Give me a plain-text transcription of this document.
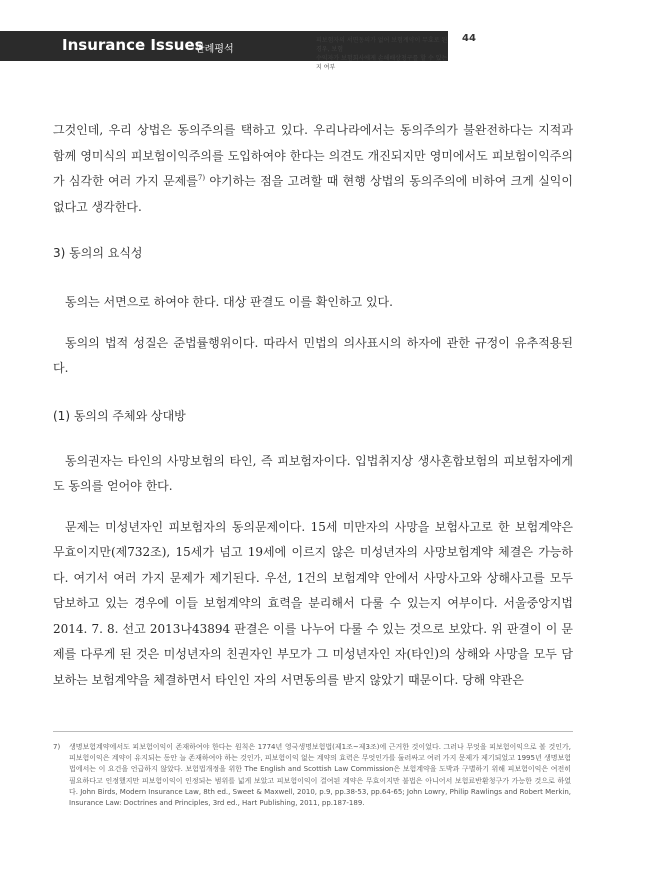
Insurance Issues
판례평석
피보험자의 서면동의가 없어 보험계약이 무효로 된 경우, 보험
수익자가 보험회사에게 손해배상청구를 할 수 있는지 여부
44

그것인데, 우리 상법은 동의주의를 택하고 있다. 우리나라에서는 동의주의가 불완전하다는 지적과 함께 영미식의 피보험이익주의를 도입하여야 한다는 의견도 개진되지만 영미에서도 피보험이익주의가 심각한 여러 가지 문제를$^{7)}$ 야기하는 점을 고려할 때 현행 상법의 동의주의에 비하여 크게 실익이 없다고 생각한다.

3) 동의의 요식성

동의는 서면으로 하여야 한다. 대상 판결도 이를 확인하고 있다.

동의의 법적 성질은 준법률행위이다. 따라서 민법의 의사표시의 하자에 관한 규정이 유추적용된다.

(1) 동의의 주체와 상대방

동의권자는 타인의 사망보험의 타인, 즉 피보험자이다. 입법취지상 생사혼합보험의 피보험자에게도 동의를 얻어야 한다.

문제는 미성년자인 피보험자의 동의문제이다. 15세 미만자의 사망을 보험사고로 한 보험계약은 무효이지만(제732조), 15세가 넘고 19세에 이르지 않은 미성년자의 사망보험계약 체결은 가능하다. 여기서 여러 가지 문제가 제기된다. 우선, 1건의 보험계약 안에서 사망사고와 상해사고를 모두 담보하고 있는 경우에 이들 보험계약의 효력을 분리해서 다룰 수 있는지 여부이다. 서울중앙지법 2014. 7. 8. 선고 2013나43894 판결은 이를 나누어 다룰 수 있는 것으로 보았다. 위 판결이 이 문제를 다루게 된 것은 미성년자의 친권자인 부모가 그 미성년자인 자(타인)의 상해와 사망을 모두 담보하는 보험계약을 체결하면서 타인인 자의 서면동의를 받지 않았기 때문이다. 당해 약관은

7) 생명보험계약에서도 피보험이익이 존재하여야 한다는 원칙은 1774년 영국생명보험법(제1조~제3조)에 근거한 것이었다. 그러나 무엇을 피보험이익으로 볼 것인가, 피보험이익은 계약이 유지되는 동안 늘 존재하여야 하는 것인가, 피보험이익 없는 계약의 효력은 무엇인가를 둘러싸고 여러 가지 문제가 제기되었고 1995년 생명보험법에서는 이 요건을 언급하지 않았다. 보험법개정을 위한 The English and Scottish Law Commission은 보험계약을 도박과 구별하기 위해 피보험이익은 여전히 필요하다고 인정했지만 피보험이익이 인정되는 범위를 넓게 보았고 피보험이익이 결여된 계약은 무효이지만 불법은 아니어서 보험료반환청구가 가능한 것으로 하였다. John Birds, Modern Insurance Law, 8th ed., Sweet & Maxwell, 2010, p.9, pp.38-53, pp.64-65; John Lowry, Philip Rawlings and Robert Merkin, Insurance Law: Doctrines and Principles, 3rd ed., Hart Publishing, 2011, pp.187-189.
